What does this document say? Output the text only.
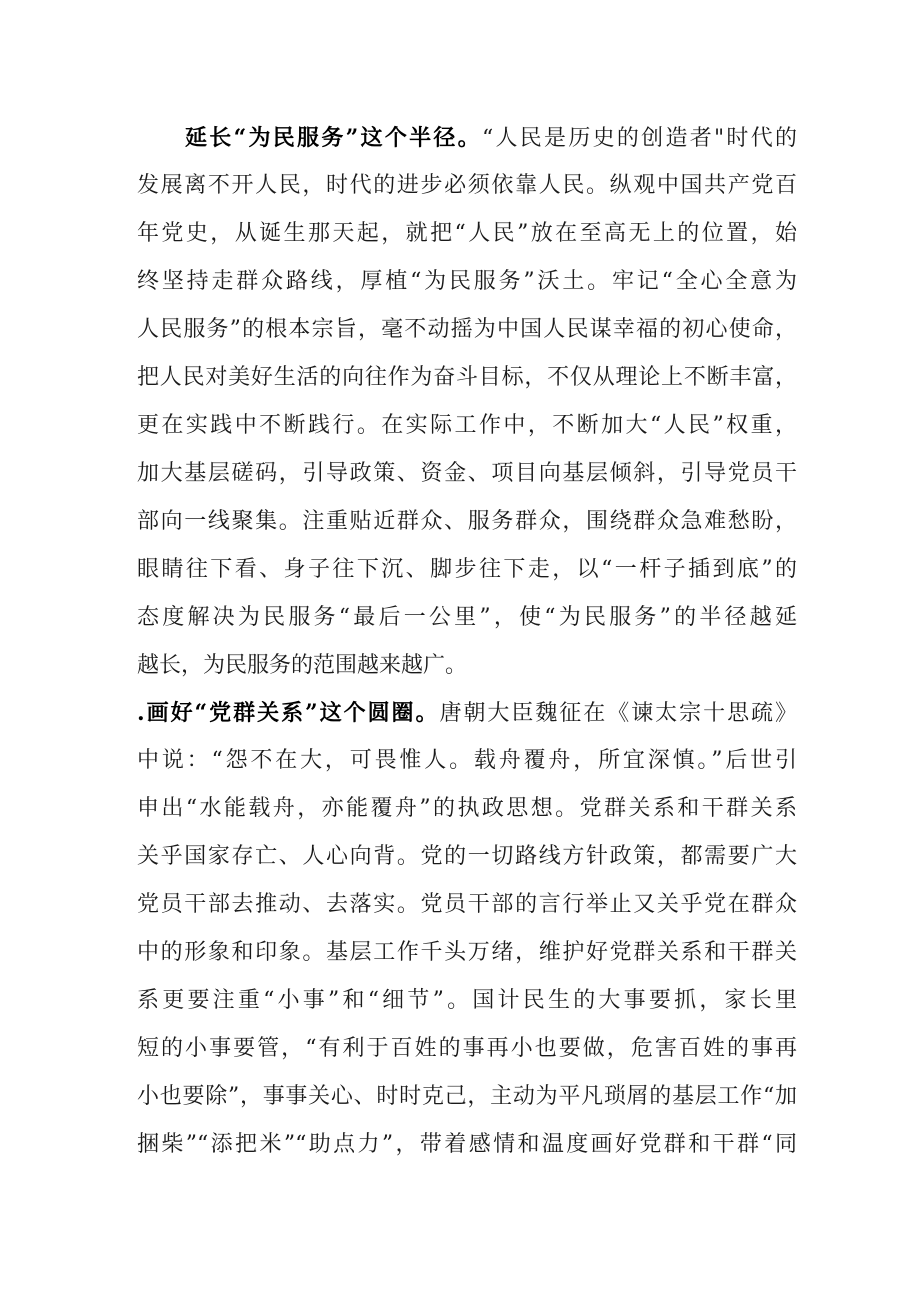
延长“为民服务”这个半径。“人民是历史的创造者"时代的
发展离不开人民，时代的进步必须依靠人民。纵观中国共产党百
年党史，从诞生那天起，就把“人民”放在至高无上的位置，始
终坚持走群众路线，厚植“为民服务”沃土。牢记“全心全意为
人民服务”的根本宗旨，毫不动摇为中国人民谋幸福的初心使命，
把人民对美好生活的向往作为奋斗目标，不仅从理论上不断丰富，
更在实践中不断践行。在实际工作中，不断加大“人民”权重，
加大基层磋码，引导政策、资金、项目向基层倾斜，引导党员干
部向一线聚集。注重贴近群众、服务群众，围绕群众急难愁盼，
眼睛往下看、身子往下沉、脚步往下走，以“一杆子插到底”的
态度解决为民服务“最后一公里”，使“为民服务”的半径越延
越长，为民服务的范围越来越广。
.画好“党群关系”这个圆圈。唐朝大臣魏征在《谏太宗十思疏》
中说：“怨不在大，可畏惟人。载舟覆舟，所宜深慎。”后世引
申出“水能载舟，亦能覆舟”的执政思想。党群关系和干群关系
关乎国家存亡、人心向背。党的一切路线方针政策，都需要广大
党员干部去推动、去落实。党员干部的言行举止又关乎党在群众
中的形象和印象。基层工作千头万绪，维护好党群关系和干群关
系更要注重“小事”和“细节”。国计民生的大事要抓，家长里
短的小事要管，“有利于百姓的事再小也要做，危害百姓的事再
小也要除”，事事关心、时时克己，主动为平凡琐屑的基层工作“加
捆柴”“添把米”“助点力”，带着感情和温度画好党群和干群“同
